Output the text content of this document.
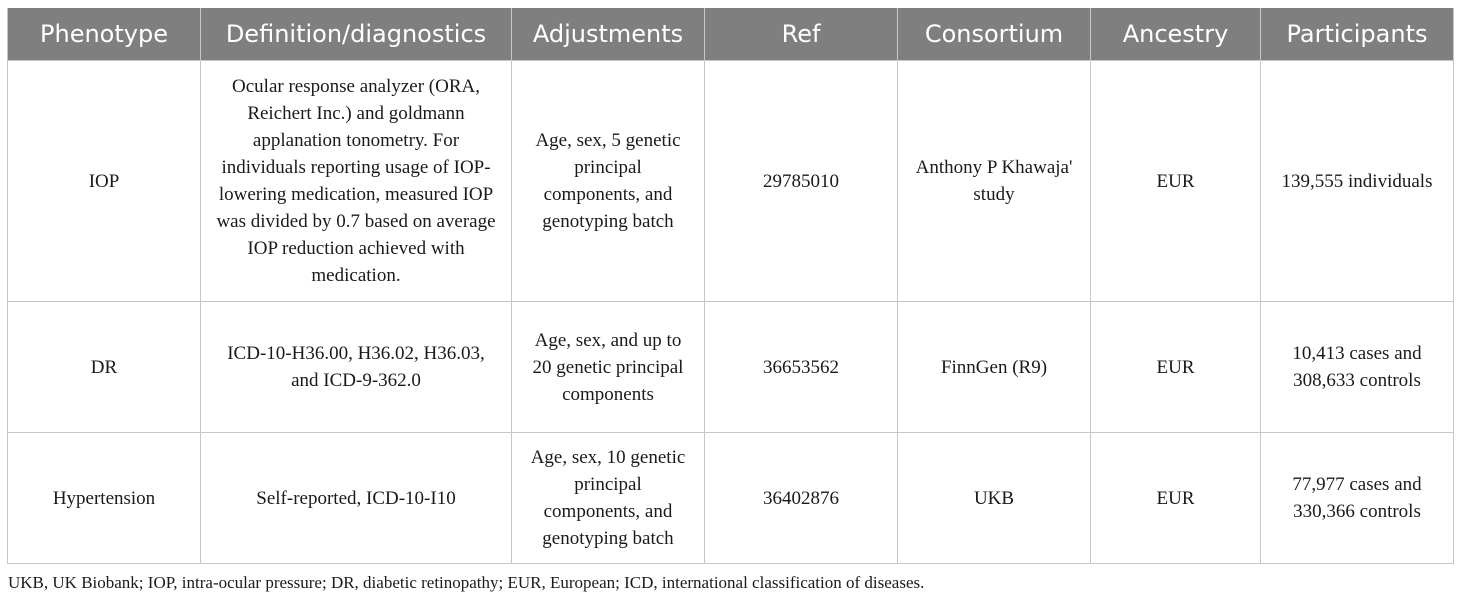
Phenotype	Definition/diagnostics	Adjustments	Ref	Consortium	Ancestry	Participants
IOP	Ocular response analyzer (ORA, Reichert Inc.) and goldmann applanation tonometry. For individuals reporting usage of IOP-lowering medication, measured IOP was divided by 0.7 based on average IOP reduction achieved with medication.	Age, sex, 5 genetic principal components, and genotyping batch	29785010	Anthony P Khawaja' study	EUR	139,555 individuals
DR	ICD-10-H36.00, H36.02, H36.03, and ICD-9-362.0	Age, sex, and up to 20 genetic principal components	36653562	FinnGen (R9)	EUR	10,413 cases and 308,633 controls
Hypertension	Self-reported, ICD-10-I10	Age, sex, 10 genetic principal components, and genotyping batch	36402876	UKB	EUR	77,977 cases and 330,366 controls
UKB, UK Biobank; IOP, intra-ocular pressure; DR, diabetic retinopathy; EUR, European; ICD, international classification of diseases.
